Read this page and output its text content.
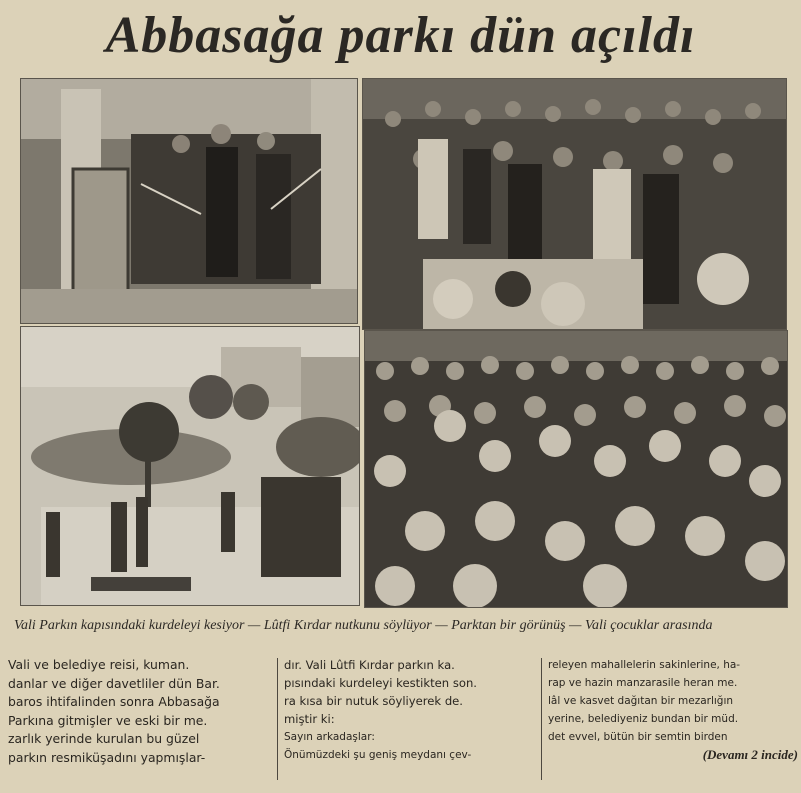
Abbasağa parkı dün açıldı
Vali Parkın kapısındaki kurdeleyi kesiyor — Lûtfi Kırdar nutkunu söylüyor — Parktan bir görünüş — Vali çocuklar arasında
Vali ve belediye reisi, kuman.
danlar ve diğer davetliler dün Bar.
baros ihtifalinden sonra Abbasağa
Parkına gitmişler ve eski bir me.
zarlık yerinde kurulan bu güzel
parkın resmiküşadını yapmışlar-
dır. Vali Lûtfi Kırdar parkın ka.
pısındaki kurdeleyi kestikten son.
ra kısa bir nutuk söyliyerek de.
miştir ki:
Sayın arkadaşlar:
Önümüzdeki şu geniş meydanı çev-
releyen mahallelerin sakinlerine, ha-
rap ve hazin manzarasile heran me.
lâl ve kasvet dağıtan bir mezarlığın
yerine, belediyeniz bundan bir müd.
det evvel, bütün bir semtin birden
(Devamı 2 incide)
